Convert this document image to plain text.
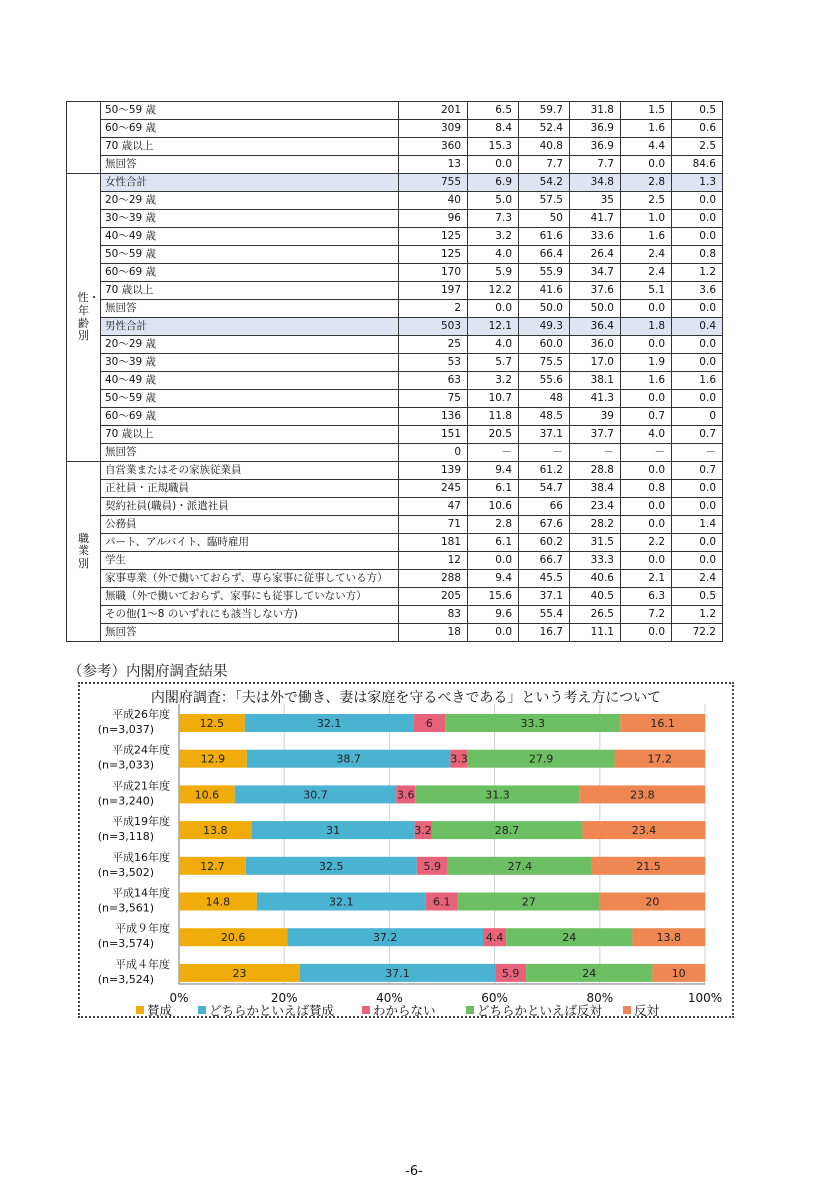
	50～59 歳	201	6.5	59.7	31.8	1.5	0.5
	60～69 歳	309	8.4	52.4	36.9	1.6	0.6
	70 歳以上	360	15.3	40.8	36.9	4.4	2.5
	無回答	13	0.0	7.7	7.7	0.0	84.6

性・年齢別	女性合計	755	6.9	54.2	34.8	2.8	1.3
	20～29 歳	40	5.0	57.5	35	2.5	0.0
	30～39 歳	96	7.3	50	41.7	1.0	0.0
	40～49 歳	125	3.2	61.6	33.6	1.6	0.0
	50～59 歳	125	4.0	66.4	26.4	2.4	0.8
	60～69 歳	170	5.9	55.9	34.7	2.4	1.2
	70 歳以上	197	12.2	41.6	37.6	5.1	3.6
	無回答	2	0.0	50.0	50.0	0.0	0.0
	男性合計	503	12.1	49.3	36.4	1.8	0.4
	20～29 歳	25	4.0	60.0	36.0	0.0	0.0
	30～39 歳	53	5.7	75.5	17.0	1.9	0.0
	40～49 歳	63	3.2	55.6	38.1	1.6	1.6
	50～59 歳	75	10.7	48	41.3	0.0	0.0
	60～69 歳	136	11.8	48.5	39	0.7	0
	70 歳以上	151	20.5	37.1	37.7	4.0	0.7
	無回答	0	－	－	－	－	－

職業別	自営業またはその家族従業員	139	9.4	61.2	28.8	0.0	0.7
	正社員・正規職員	245	6.1	54.7	38.4	0.8	0.0
	契約社員(職員)・派遣社員	47	10.6	66	23.4	0.0	0.0
	公務員	71	2.8	67.6	28.2	0.0	1.4
	パート、アルバイト、臨時雇用	181	6.1	60.2	31.5	2.2	0.0
	学生	12	0.0	66.7	33.3	0.0	0.0
	家事専業（外で働いておらず、専ら家事に従事している方）	288	9.4	45.5	40.6	2.1	2.4
	無職（外で働いておらず、家事にも従事していない方）	205	15.6	37.1	40.5	6.3	0.5
	その他(1～8 のいずれにも該当しない方)	83	9.6	55.4	26.5	7.2	1.2
	無回答	18	0.0	16.7	11.1	0.0	72.2
（参考）内閣府調査結果
内閣府調査：「夫は外で働き、妻は家庭を守るべきである」という考え方について
0%	20%	40%	60%	80%	100%
平成26年度
(n=3,037)	12.5	32.1	6	33.3	16.1
平成24年度
(n=3,033)	12.9	38.7	3.3	27.9	17.2
平成21年度
(n=3,240)	10.6	30.7	3.6	31.3	23.8
平成19年度
(n=3,118)	13.8	31	3.2	28.7	23.4
平成16年度
(n=3,502)	12.7	32.5	5.9	27.4	21.5
平成14年度
(n=3,561)	14.8	32.1	6.1	27	20
平成９年度
(n=3,574)	20.6	37.2	4.4	24	13.8
平成４年度
(n=3,524)	23	37.1	5.9	24	10
賛成	どちらかといえば賛成	わからない	どちらかといえば反対	反対
-6-
